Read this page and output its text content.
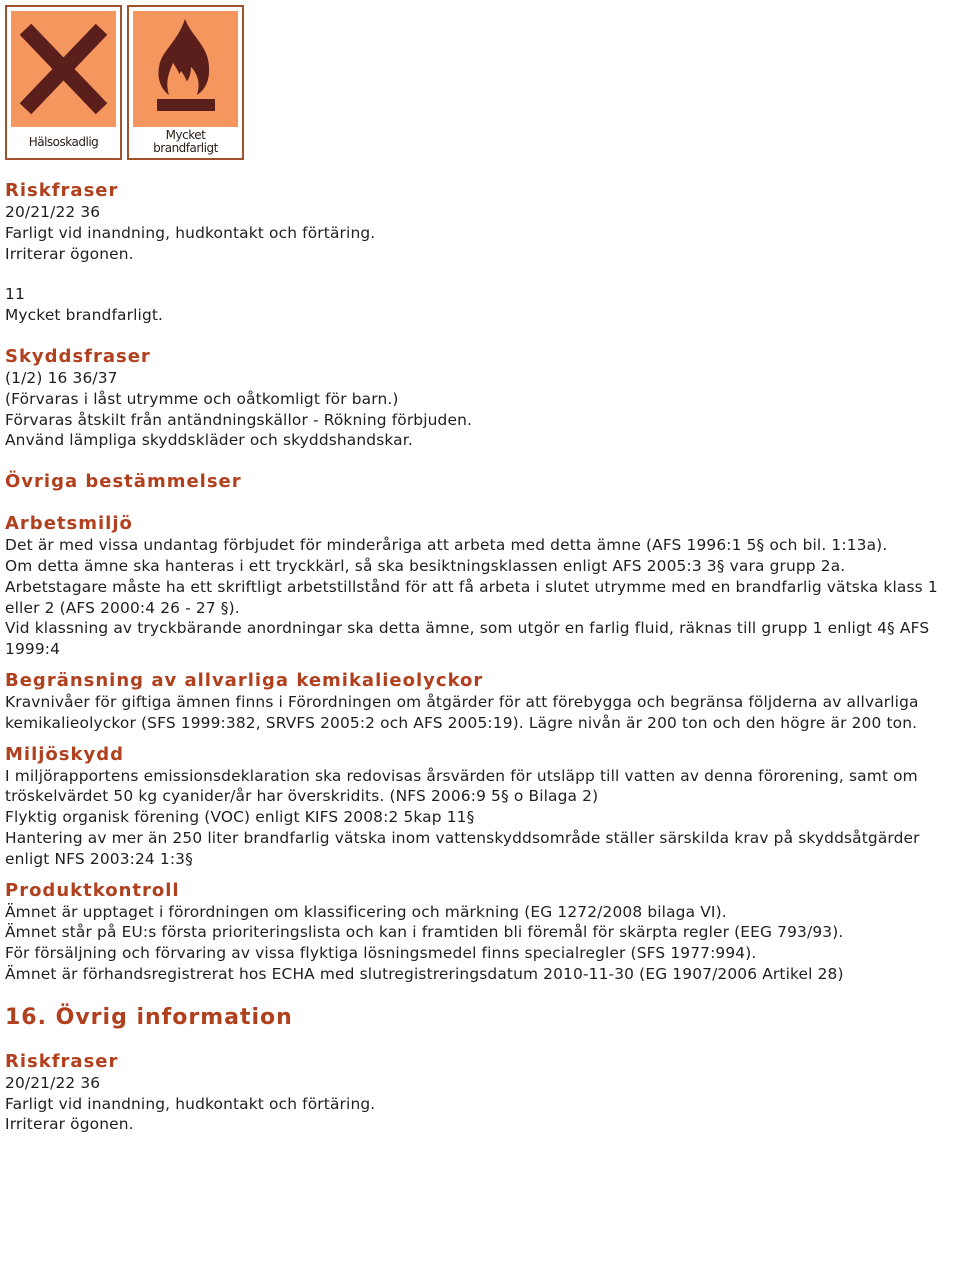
Hälsoskadlig	Mycket brandfarligt
Riskfraser

20/21/22 36

Farligt vid inandning, hudkontakt och förtäring.

Irriterar ögonen.

11

Mycket brandfarligt.

Skyddsfraser

(1/2) 16 36/37

(Förvaras i låst utrymme och oåtkomligt för barn.)

Förvaras åtskilt från antändningskällor - Rökning förbjuden.

Använd lämpliga skyddskläder och skyddshandskar.

Övriga bestämmelser
Arbetsmiljö

Det är med vissa undantag förbjudet för minderåriga att arbeta med detta ämne (AFS 1996:1 5§ och bil. 1:13a).

Om detta ämne ska hanteras i ett tryckkärl, så ska besiktningsklassen enligt AFS 2005:3 3§ vara grupp 2a.

Arbetstagare måste ha ett skriftligt arbetstillstånd för att få arbeta i slutet utrymme med en brandfarlig vätska klass 1 eller 2 (AFS 2000:4 26 - 27 §).

Vid klassning av tryckbärande anordningar ska detta ämne, som utgör en farlig fluid, räknas till grupp 1 enligt 4§ AFS 1999:4

Begränsning av allvarliga kemikalieolyckor

Kravnivåer för giftiga ämnen finns i Förordningen om åtgärder för att förebygga och begränsa följderna av allvarliga kemikalieolyckor (SFS 1999:382, SRVFS 2005:2 och AFS 2005:19). Lägre nivån är 200 ton och den högre är 200 ton.

Miljöskydd

I miljörapportens emissionsdeklaration ska redovisas årsvärden för utsläpp till vatten av denna förorening, samt om tröskelvärdet 50 kg cyanider/år har överskridits. (NFS 2006:9 5§ o Bilaga 2)

Flyktig organisk förening (VOC) enligt KIFS 2008:2 5kap 11§

Hantering av mer än 250 liter brandfarlig vätska inom vattenskyddsområde ställer särskilda krav på skyddsåtgärder enligt NFS 2003:24 1:3§

Produktkontroll

Ämnet är upptaget i förordningen om klassificering och märkning (EG 1272/2008 bilaga VI).

Ämnet står på EU:s första prioriteringslista och kan i framtiden bli föremål för skärpta regler (EEG 793/93).

För försäljning och förvaring av vissa flyktiga lösningsmedel finns specialregler (SFS 1977:994).

Ämnet är förhandsregistrerat hos ECHA med slutregistreringsdatum 2010-11-30 (EG 1907/2006 Artikel 28)

16. Övrig information
Riskfraser

20/21/22 36

Farligt vid inandning, hudkontakt och förtäring.

Irriterar ögonen.
